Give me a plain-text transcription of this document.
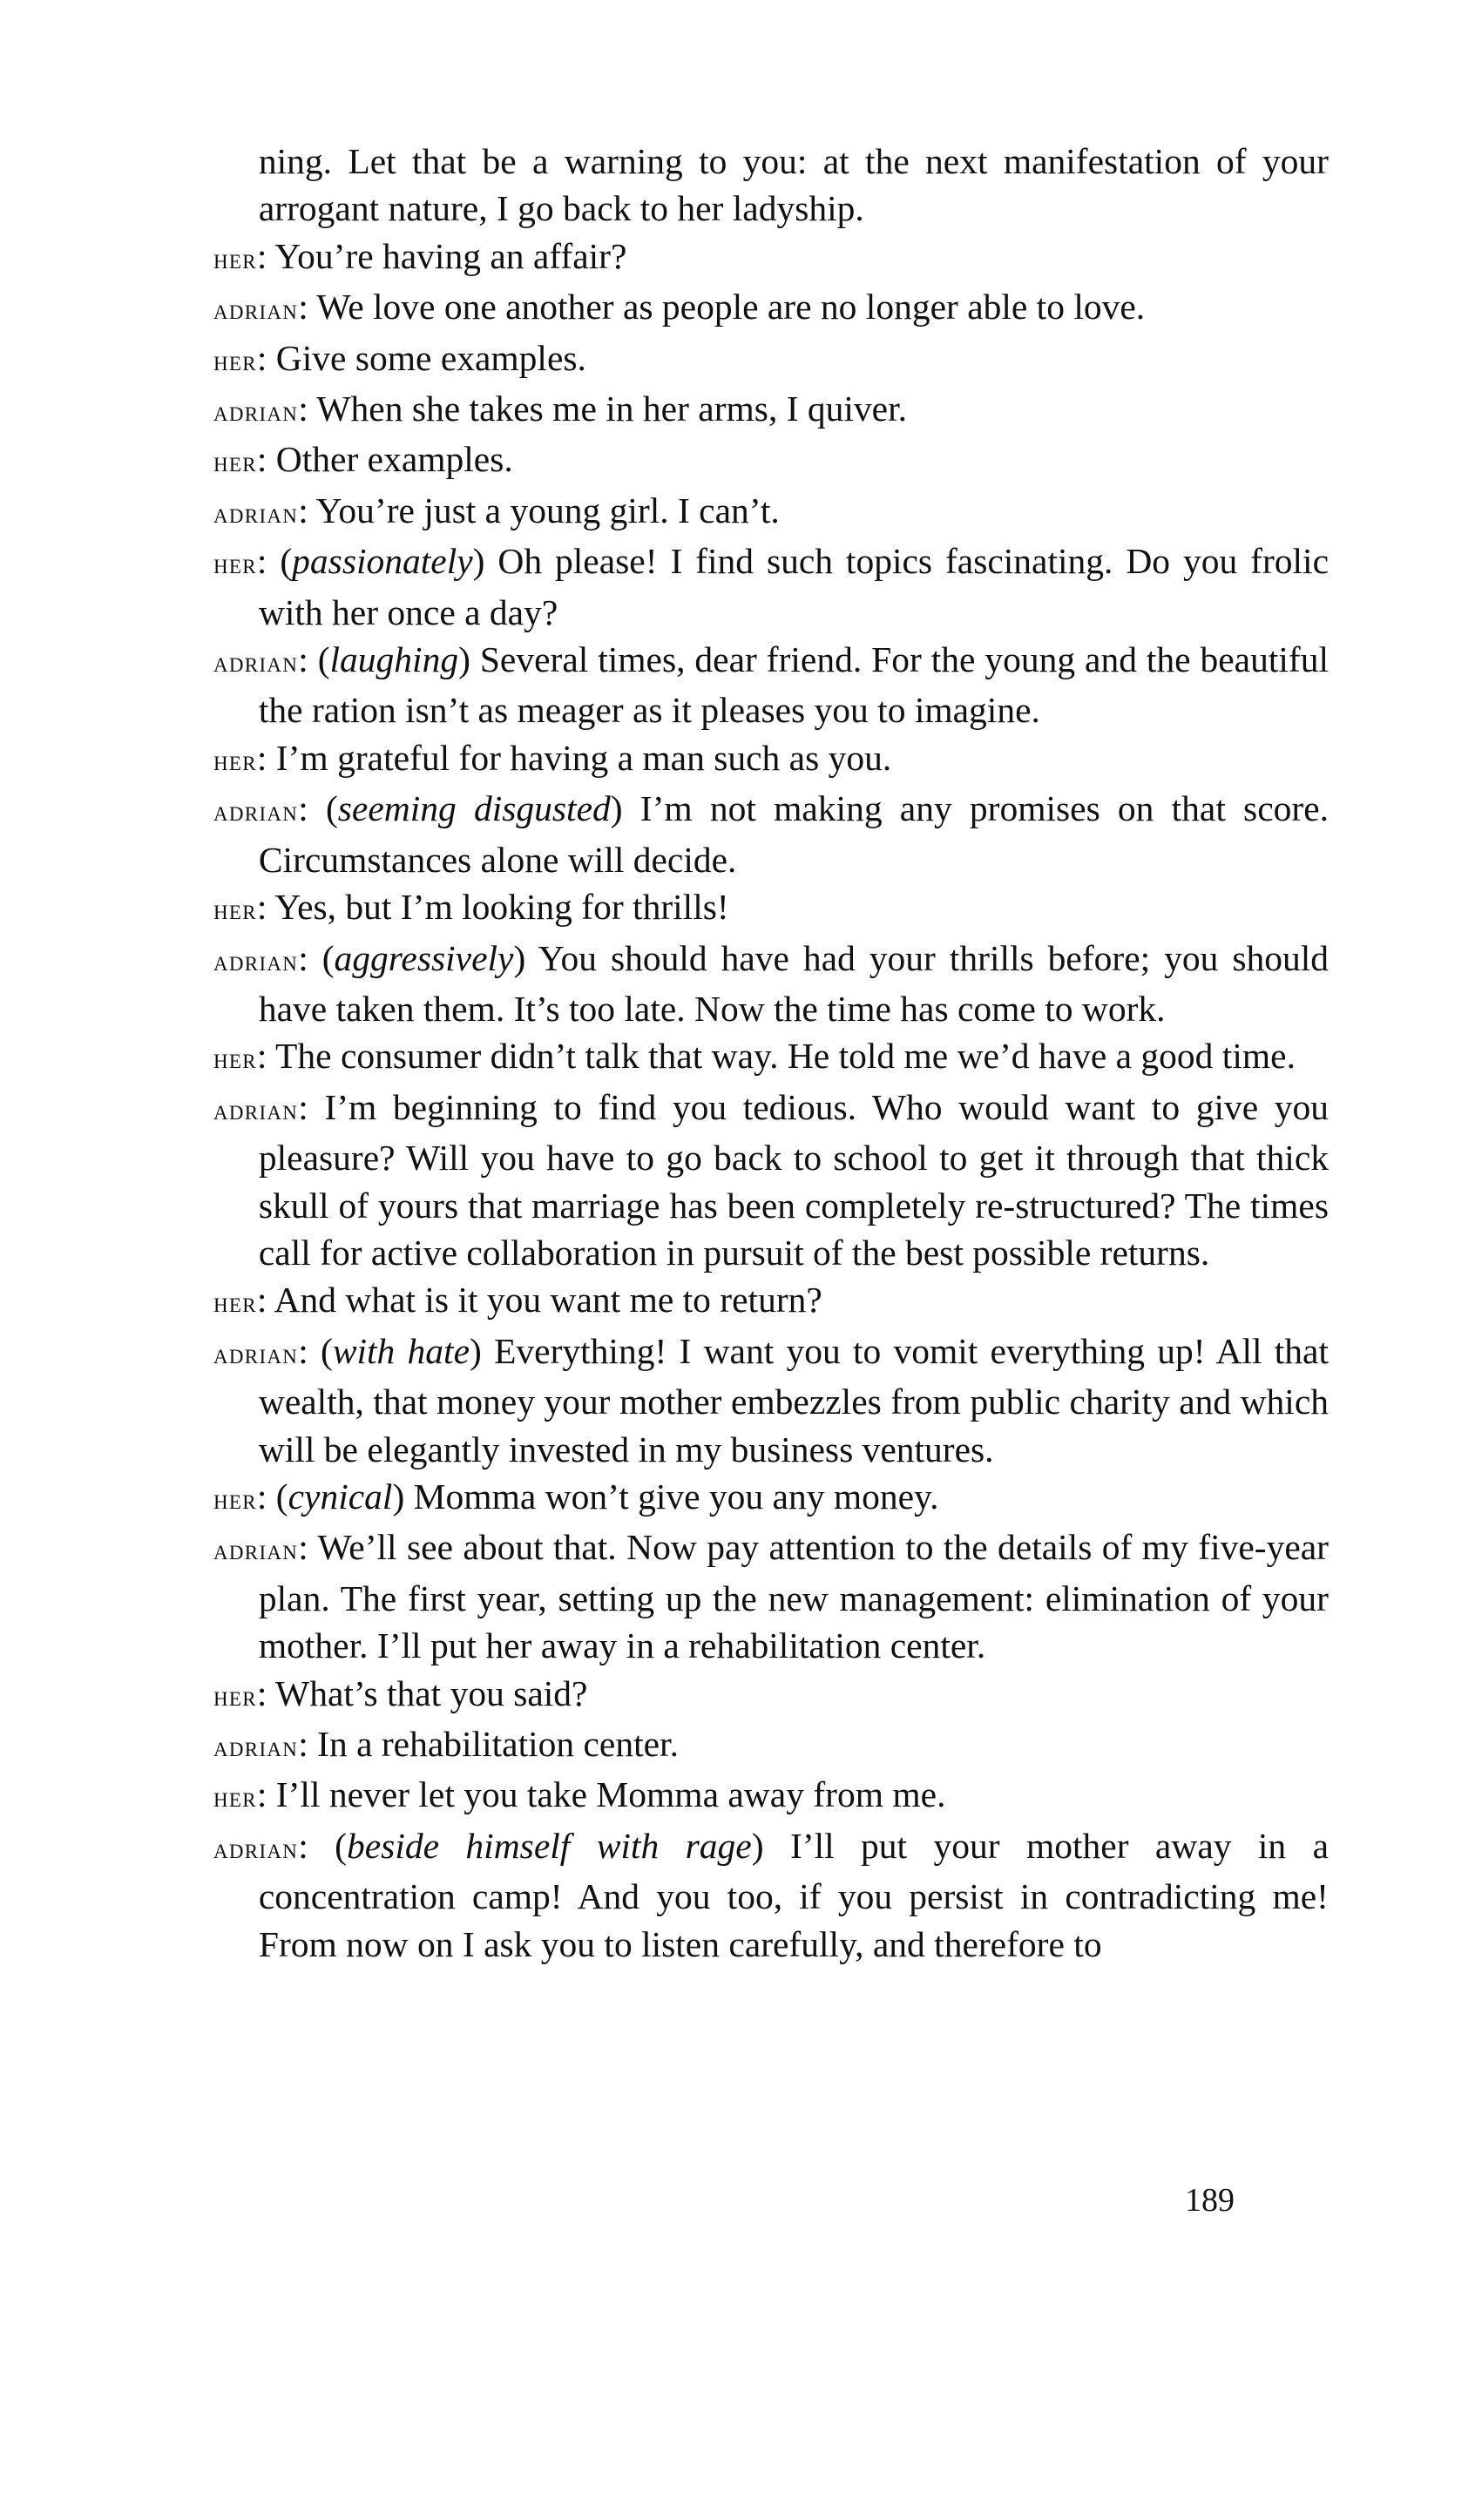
ning. Let that be a warning to you: at the next manifestation of your arrogant nature, I go back to her ladyship.

her: You’re having an affair?

adrian: We love one another as people are no longer able to love.

her: Give some examples.

adrian: When she takes me in her arms, I quiver.

her: Other examples.

adrian: You’re just a young girl. I can’t.

her: (passionately) Oh please! I find such topics fascinating. Do you frolic with her once a day?

adrian: (laughing) Several times, dear friend. For the young and the beautiful the ration isn’t as meager as it pleases you to imagine.

her: I’m grateful for having a man such as you.

adrian: (seeming disgusted) I’m not making any promises on that score. Circumstances alone will decide.

her: Yes, but I’m looking for thrills!

adrian: (aggressively) You should have had your thrills before; you should have taken them. It’s too late. Now the time has come to work.

her: The consumer didn’t talk that way. He told me we’d have a good time.

adrian: I’m beginning to find you tedious. Who would want to give you pleasure? Will you have to go back to school to get it through that thick skull of yours that marriage has been completely re-structured? The times call for active collaboration in pursuit of the best possible returns.

her: And what is it you want me to return?

adrian: (with hate) Everything! I want you to vomit everything up! All that wealth, that money your mother embezzles from public charity and which will be elegantly invested in my business ventures.

her: (cynical) Momma won’t give you any money.

adrian: We’ll see about that. Now pay attention to the details of my five-year plan. The first year, setting up the new management: elimination of your mother. I’ll put her away in a rehabilitation center.

her: What’s that you said?

adrian: In a rehabilitation center.

her: I’ll never let you take Momma away from me.

adrian: (beside himself with rage) I’ll put your mother away in a concentration camp! And you too, if you persist in contradicting me! From now on I ask you to listen carefully, and therefore to

189
